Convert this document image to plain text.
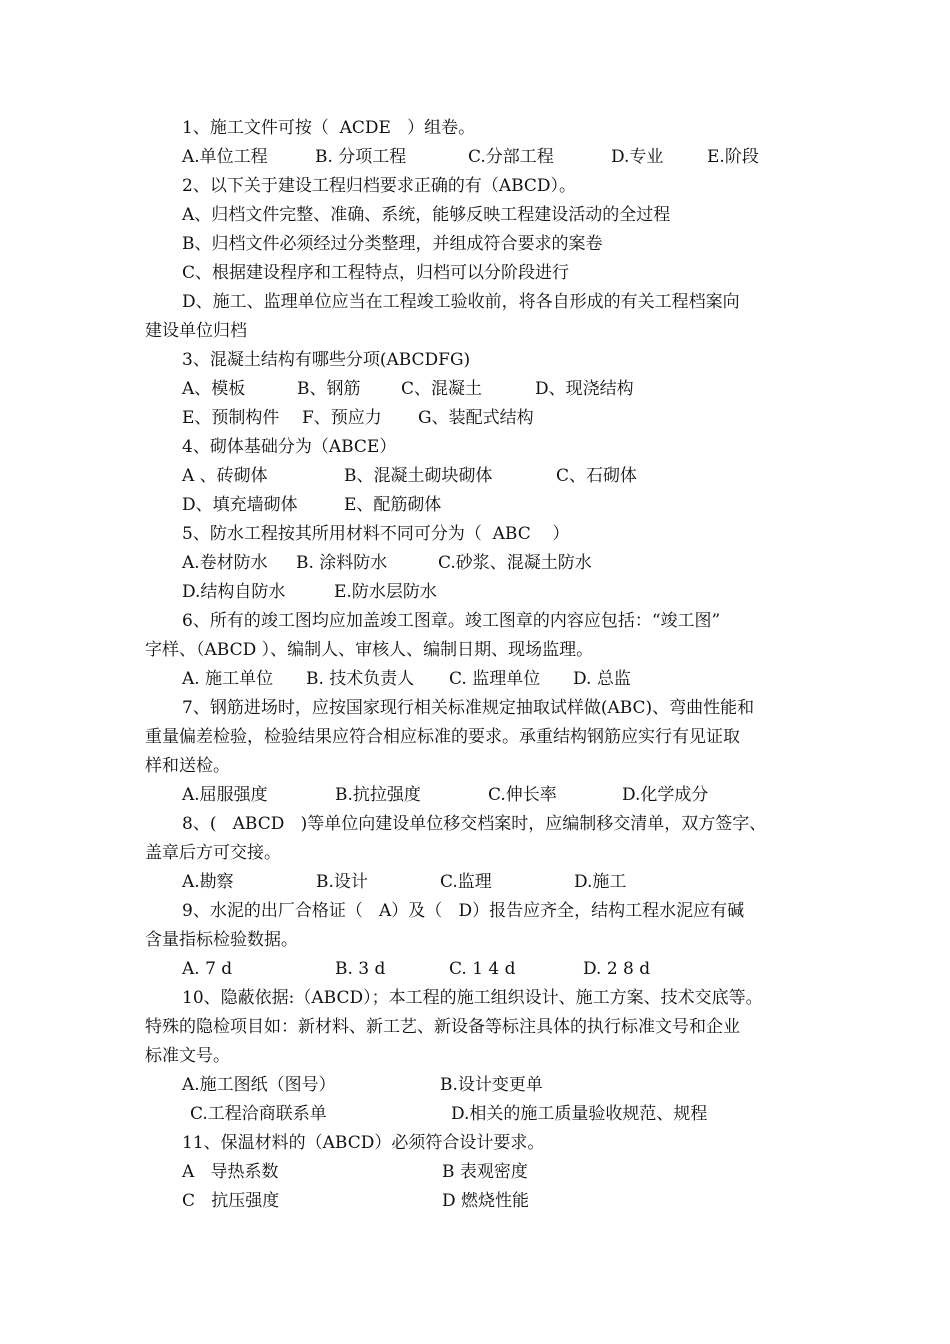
1、施工文件可按（  ACDE   ）组卷。
A.单位工程	B. 分项工程	C.分部工程	D.专业	E.阶段
2、以下关于建设工程归档要求正确的有（ABCD）。
A、归档文件完整、准确、系统，能够反映工程建设活动的全过程
B、归档文件必须经过分类整理，并组成符合要求的案卷
C、根据建设程序和工程特点，归档可以分阶段进行
D、施工、监理单位应当在工程竣工验收前，将各自形成的有关工程档案向
建设单位归档
3、混凝土结构有哪些分项(ABCDFG)
A、模板	B、钢筋	C、混凝土	D、现浇结构
E、预制构件	F、预应力	G、装配式结构
4、砌体基础分为（ABCE）
A 、砖砌体	B、混凝土砌块砌体	C、石砌体
D、填充墙砌体	E、配筋砌体
5、防水工程按其所用材料不同可分为（  ABC    ）
A.卷材防水	B. 涂料防水	C.砂浆、混凝土防水
D.结构自防水	E.防水层防水
6、所有的竣工图均应加盖竣工图章。竣工图章的内容应包括：“竣工图”
字样、（ABCD ）、编制人、审核人、编制日期、现场监理。
A. 施工单位	B. 技术负责人	C. 监理单位	D. 总监
7、钢筋进场时，应按国家现行相关标准规定抽取试样做(ABC)、弯曲性能和
重量偏差检验，检验结果应符合相应标准的要求。承重结构钢筋应实行有见证取
样和送检。
A.屈服强度	B.抗拉强度	C.伸长率	D.化学成分
8、(   ABCD   )等单位向建设单位移交档案时，应编制移交清单，双方签字、
盖章后方可交接。
A.勘察	B.设计	C.监理	D.施工
9、水泥的出厂合格证（   A）及（   D）报告应齐全，结构工程水泥应有碱
含量指标检验数据。
A. 7 d	B. 3 d	C. 1 4 d	D. 2 8 d
10、隐蔽依据:（ABCD）；本工程的施工组织设计、施工方案、技术交底等。
特殊的隐检项目如：新材料、新工艺、新设备等标注具体的执行标准文号和企业
标准文号。
A.施工图纸（图号）	B.设计变更单
C.工程洽商联系单	D.相关的施工质量验收规范、规程
11、保温材料的（ABCD）必须符合设计要求。
A   导热系数	B 表观密度
C   抗压强度	D 燃烧性能
